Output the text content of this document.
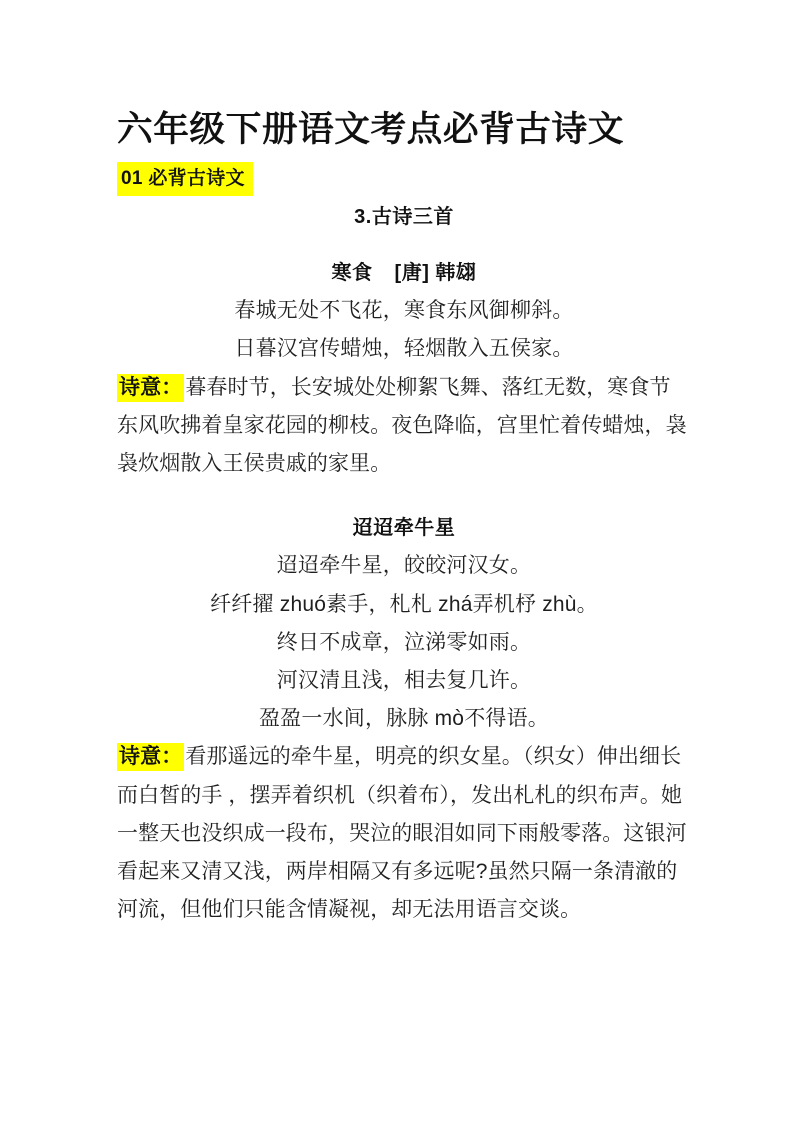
六年级下册语文考点必背古诗文
01 必背古诗文
3.古诗三首
寒食 [唐] 韩翃

春城无处不飞花，寒食东风御柳斜。

日暮汉宫传蜡烛，轻烟散入五侯家。

诗意： 暮春时节，长安城处处柳絮飞舞、落红无数，寒食节东风吹拂着皇家花园的柳枝。夜色降临，宫里忙着传蜡烛，袅袅炊烟散入王侯贵戚的家里。

迢迢牵牛星

迢迢牵牛星，皎皎河汉女。

纤纤擢 zhuó素手，札札 zhá弄机杼 zhù。

终日不成章，泣涕零如雨。

河汉清且浅，相去复几许。

盈盈一水间，脉脉 mò不得语。

诗意： 看那遥远的牵牛星，明亮的织女星。（织女）伸出细长而白皙的手 ，摆弄着织机（织着布），发出札札的织布声。她一整天也没织成一段布，哭泣的眼泪如同下雨般零落。这银河看起来又清又浅，两岸相隔又有多远呢?虽然只隔一条清澈的河流，但他们只能含情凝视，却无法用语言交谈。
